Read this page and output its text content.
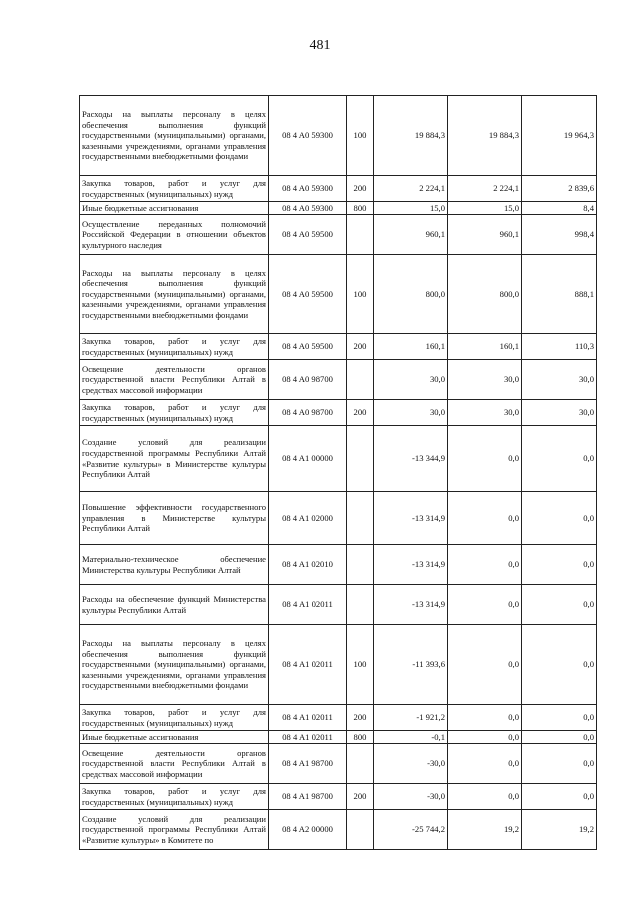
481
Расходы на выплаты персоналу в целях обеспечения выполнения функций государственными (муниципальными) органами, казенными учреждениями, органами управления государственными внебюджетными фондами	08 4 A0 59300	100	19 884,3	19 884,3	19 964,3
Закупка товаров, работ и услуг для государственных (муниципальных) нужд	08 4 A0 59300	200	2 224,1	2 224,1	2 839,6
Иные бюджетные ассигнования	08 4 A0 59300	800	15,0	15,0	8,4
Осуществление переданных полномочий Российской Федерации в отношении объектов культурного наследия	08 4 A0 59500		960,1	960,1	998,4
Расходы на выплаты персоналу в целях обеспечения выполнения функций государственными (муниципальными) органами, казенными учреждениями, органами управления государственными внебюджетными фондами	08 4 A0 59500	100	800,0	800,0	888,1
Закупка товаров, работ и услуг для государственных (муниципальных) нужд	08 4 A0 59500	200	160,1	160,1	110,3
Освещение деятельности органов государственной власти Республики Алтай в средствах массовой информации	08 4 A0 98700		30,0	30,0	30,0
Закупка товаров, работ и услуг для государственных (муниципальных) нужд	08 4 A0 98700	200	30,0	30,0	30,0
Создание условий для реализации государственной программы Республики Алтай «Развитие культуры» в Министерстве культуры Республики Алтай	08 4 A1 00000		-13 344,9	0,0	0,0
Повышение эффективности государственного управления в Министерстве культуры Республики Алтай	08 4 A1 02000		-13 314,9	0,0	0,0
Материально-техническое обеспечение Министерства культуры Республики Алтай	08 4 A1 02010		-13 314,9	0,0	0,0
Расходы на обеспечение функций Министерства культуры Республики Алтай	08 4 A1 02011		-13 314,9	0,0	0,0
Расходы на выплаты персоналу в целях обеспечения выполнения функций государственными (муниципальными) органами, казенными учреждениями, органами управления государственными внебюджетными фондами	08 4 A1 02011	100	-11 393,6	0,0	0,0
Закупка товаров, работ и услуг для государственных (муниципальных) нужд	08 4 A1 02011	200	-1 921,2	0,0	0,0
Иные бюджетные ассигнования	08 4 A1 02011	800	-0,1	0,0	0,0
Освещение деятельности органов государственной власти Республики Алтай в средствах массовой информации	08 4 A1 98700		-30,0	0,0	0,0
Закупка товаров, работ и услуг для государственных (муниципальных) нужд	08 4 A1 98700	200	-30,0	0,0	0,0
Создание условий для реализации государственной программы Республики Алтай «Развитие культуры» в Комитете по	08 4 A2 00000		-25 744,2	19,2	19,2
